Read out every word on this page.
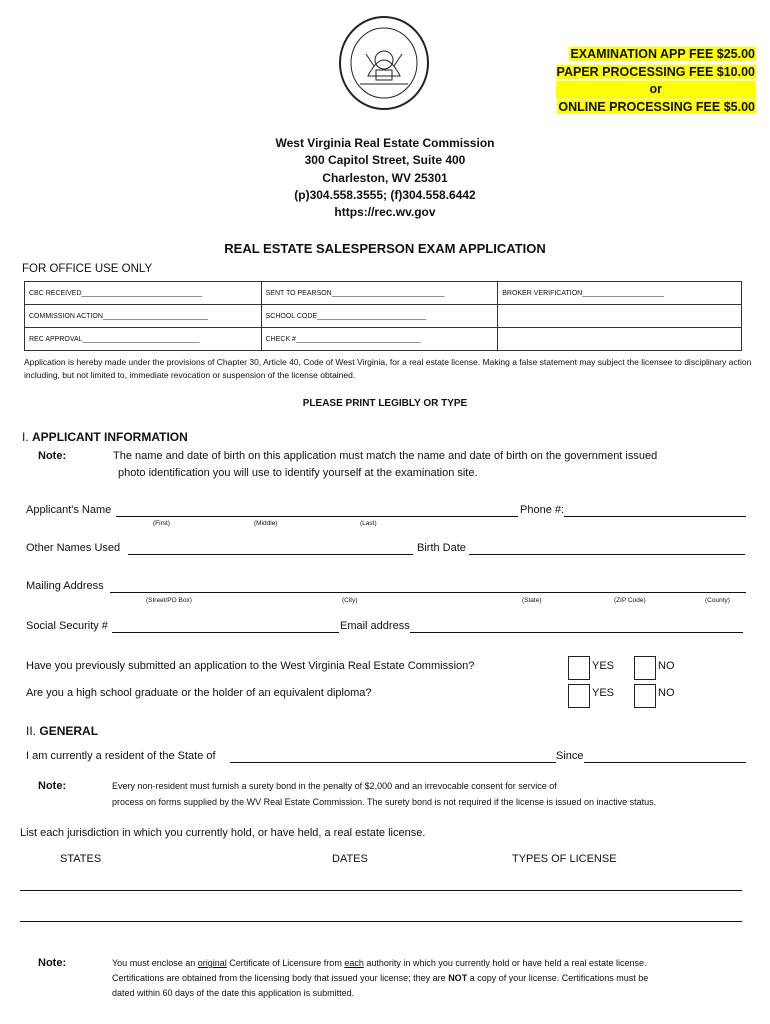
EXAMINATION APP FEE $25.00
PAPER PROCESSING FEE $10.00

or
ONLINE PROCESSING FEE $5.00
West Virginia Real Estate Commission
300 Capitol Street, Suite 400
Charleston, WV 25301
(p)304.558.3555; (f)304.558.6442
https://rec.wv.gov
REAL ESTATE SALESPERSON EXAM APPLICATION
FOR OFFICE USE ONLY
CBC RECEIVED_______________________________	SENT TO PEARSON_____________________________	BROKER VERIFICATION_____________________
COMMISSION ACTION___________________________	SCHOOL CODE____________________________	
REC APPROVAL______________________________	CHECK #________________________________	
Application is hereby made under the provisions of Chapter 30, Article 40, Code of West Virginia, for a real estate license. Making a false statement may subject the licensee to disciplinary action including, but not limited to, immediate revocation or suspension of the license obtained.
PLEASE PRINT LEGIBLY OR TYPE
I. APPLICANT INFORMATION
Note:	The name and date of birth on this application must match the name and date of birth on the government issued
photo identification you will use to identify yourself at the examination site.
Applicant's Name	Phone #:
(First)	(Middle)	(Last)
Other Names Used	Birth Date
Mailing Address
(Street/PO Box)	(City)	(State)	(ZIP Code)	(County)
Social Security #	Email address
Have you previously submitted an application to the West Virginia Real Estate Commission?	YES	NO
Are you a high school graduate or the holder of an equivalent diploma?	YES	NO
II. GENERAL
I am currently a resident of the State of	Since
Note:	Every non-resident must furnish a surety bond in the penalty of $2,000 and an irrevocable consent for service of
process on forms supplied by the WV Real Estate Commission. The surety bond is not required if the license is issued on inactive status.
List each jurisdiction in which you currently hold, or have held, a real estate license.
STATES	DATES	TYPES OF LICENSE
Note:	You must enclose an original Certificate of Licensure from each authority in which you currently hold or have held a real estate license.
Certifications are obtained from the licensing body that issued your license; they are NOT a copy of your license. Certifications must be
dated within 60 days of the date this application is submitted.
